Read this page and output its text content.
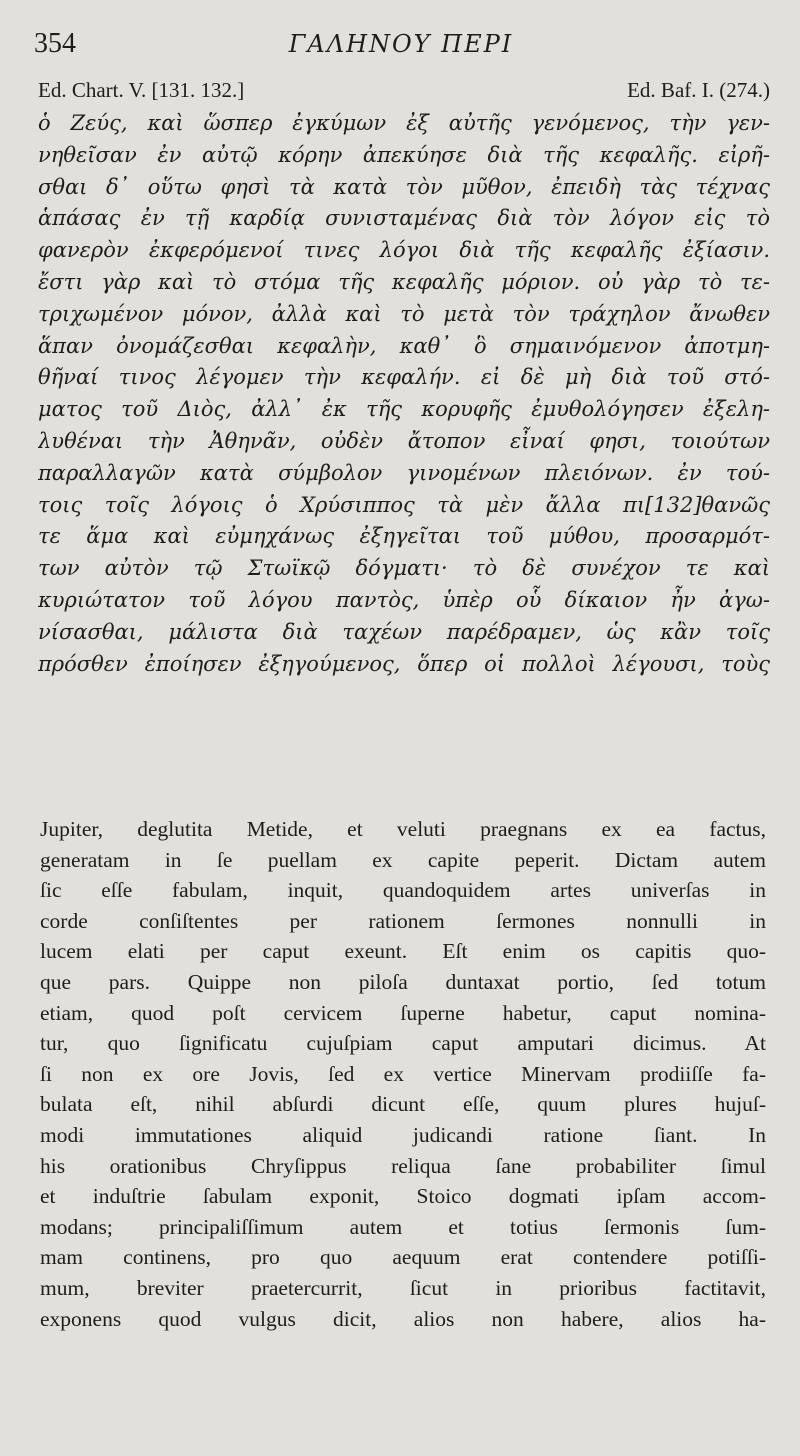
354	ΓΑΛΗΝΟΥ ΠΕΡΙ
Ed. Chart. V. [131. 132.]	Ed. Baf. I. (274.)
ὁ Ζεύς, καὶ ὥσπερ ἐγκύμων ἐξ αὐτῆς γενόμενος, τὴν γεν-
νηθεῖσαν ἐν αὐτῷ κόρην ἀπεκύησε διὰ τῆς κεφαλῆς. εἰρῆ-
σθαι δ᾽ οὕτω φησὶ τὰ κατὰ τὸν μῦθον, ἐπειδὴ τὰς τέχνας
ἁπάσας ἐν τῇ καρδίᾳ συνισταμένας διὰ τὸν λόγον εἰς τὸ
φανερὸν ἐκφερόμενοί τινες λόγοι διὰ τῆς κεφαλῆς ἐξίασιν.
ἔστι γὰρ καὶ τὸ στόμα τῆς κεφαλῆς μόριον. οὐ γὰρ τὸ τε-
τριχωμένον μόνον, ἀλλὰ καὶ τὸ μετὰ τὸν τράχηλον ἄνωθεν
ἅπαν ὀνομάζεσθαι κεφαλὴν, καθ᾽ ὃ σημαινόμενον ἀποτμη-
θῆναί τινος λέγομεν τὴν κεφαλήν. εἰ δὲ μὴ διὰ τοῦ στό-
ματος τοῦ Διὸς, ἀλλ᾽ ἐκ τῆς κορυφῆς ἐμυθολόγησεν ἐξελη-
λυθέναι τὴν Ἀθηνᾶν, οὐδὲν ἄτοπον εἶναί φησι, τοιούτων
παραλλαγῶν κατὰ σύμβολον γινομένων πλειόνων. ἐν τού-
τοις τοῖς λόγοις ὁ Χρύσιππος τὰ μὲν ἄλλα πι[132]θανῶς
τε ἅμα καὶ εὐμηχάνως ἐξηγεῖται τοῦ μύθου, προσαρμότ-
των αὐτὸν τῷ Στωϊκῷ δόγματι· τὸ δὲ συνέχον τε καὶ
κυριώτατον τοῦ λόγου παντὸς, ὑπὲρ οὗ δίκαιον ἦν ἀγω-
νίσασθαι, μάλιστα διὰ ταχέων παρέδραμεν, ὡς κἂν τοῖς
πρόσθεν ἐποίησεν ἐξηγούμενος, ὅπερ οἱ πολλοὶ λέγουσι, τοὺς
Jupiter, deglutita Metide, et veluti praegnans ex ea factus,
generatam in ſe puellam ex capite peperit. Dictam autem
ſic eſſe fabulam, inquit, quandoquidem artes univerſas in
corde conſiſtentes per rationem ſermones nonnulli in
lucem elati per caput exeunt. Eſt enim os capitis quo-
que pars. Quippe non piloſa duntaxat portio, ſed totum
etiam, quod poſt cervicem ſuperne habetur, caput nomina-
tur, quo ſignificatu cujuſpiam caput amputari dicimus. At
ſi non ex ore Jovis, ſed ex vertice Minervam prodiiſſe fa-
bulata eſt, nihil abſurdi dicunt eſſe, quum plures hujuſ-
modi immutationes aliquid judicandi ratione ſiant. In
his orationibus Chryſippus reliqua ſane probabiliter ſimul
et induſtrie ſabulam exponit, Stoico dogmati ipſam accom-
modans; principaliſſimum autem et totius ſermonis ſum-
mam continens, pro quo aequum erat contendere potiſſi-
mum, breviter praetercurrit, ſicut in prioribus factitavit,
exponens quod vulgus dicit, alios non habere, alios ha-
